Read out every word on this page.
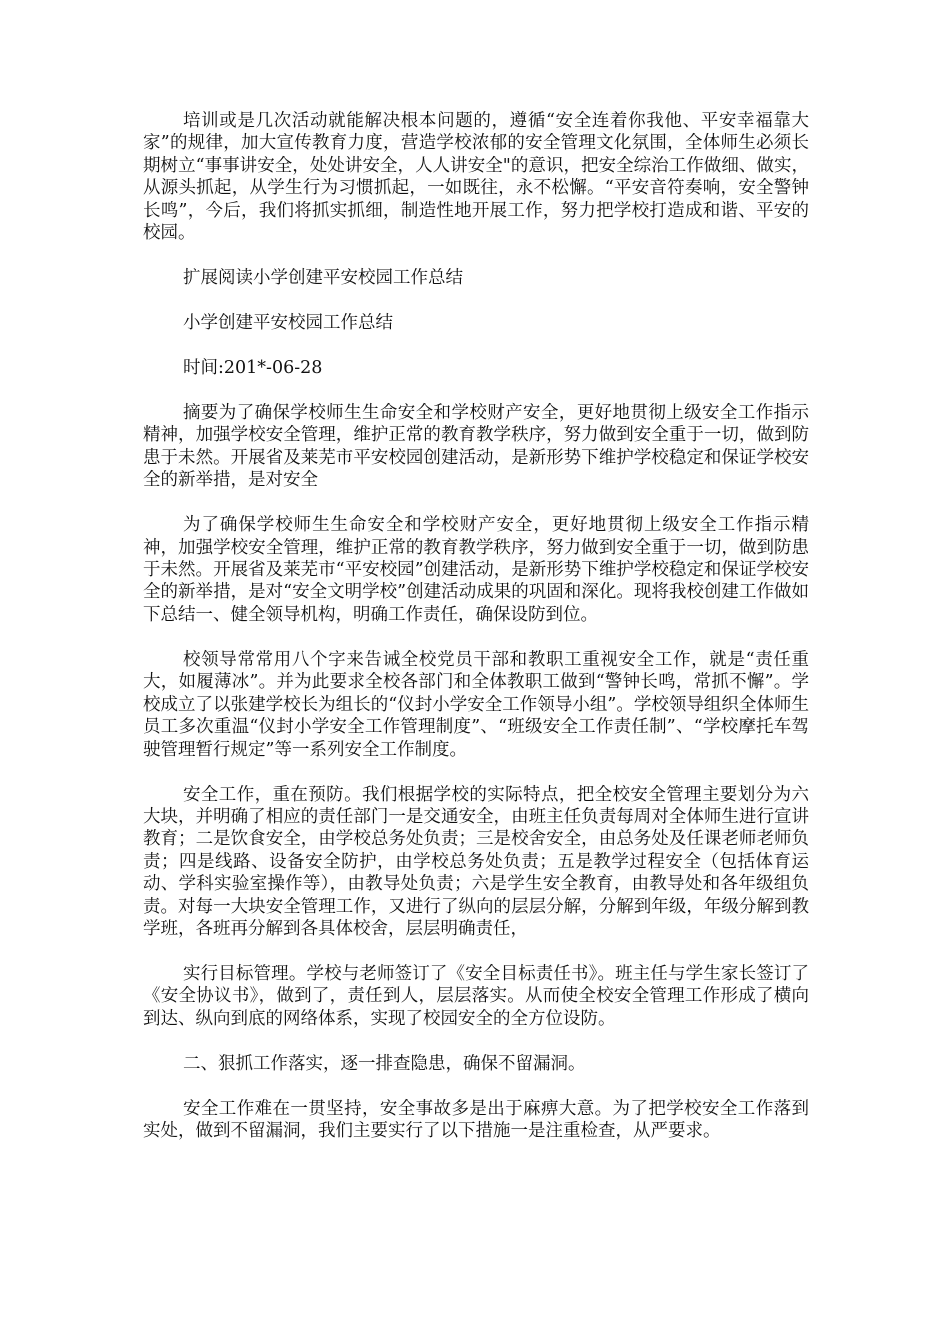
培训或是几次活动就能解决根本问题的，遵循“安全连着你我他、平安幸福靠大家”的规律，加大宣传教育力度，营造学校浓郁的安全管理文化氛围，全体师生必须长期树立“事事讲安全，处处讲安全，人人讲安全"的意识，把安全综治工作做细、做实，从源头抓起，从学生行为习惯抓起，一如既往，永不松懈。“平安音符奏响，安全警钟长鸣”，今后，我们将抓实抓细，制造性地开展工作，努力把学校打造成和谐、平安的校园。

扩展阅读小学创建平安校园工作总结

小学创建平安校园工作总结

时间:201*-06-28

摘要为了确保学校师生生命安全和学校财产安全，更好地贯彻上级安全工作指示精神，加强学校安全管理，维护正常的教育教学秩序，努力做到安全重于一切，做到防患于未然。开展省及莱芜市平安校园创建活动，是新形势下维护学校稳定和保证学校安全的新举措，是对安全

为了确保学校师生生命安全和学校财产安全，更好地贯彻上级安全工作指示精神，加强学校安全管理，维护正常的教育教学秩序，努力做到安全重于一切，做到防患于未然。开展省及莱芜市“平安校园”创建活动，是新形势下维护学校稳定和保证学校安全的新举措，是对“安全文明学校”创建活动成果的巩固和深化。现将我校创建工作做如下总结一、健全领导机构，明确工作责任，确保设防到位。

校领导常常用八个字来告诫全校党员干部和教职工重视安全工作，就是“责任重大，如履薄冰”。并为此要求全校各部门和全体教职工做到“警钟长鸣，常抓不懈”。学校成立了以张建学校长为组长的“仪封小学安全工作领导小组”。学校领导组织全体师生员工多次重温“仪封小学安全工作管理制度”、“班级安全工作责任制”、“学校摩托车驾驶管理暂行规定”等一系列安全工作制度。

安全工作，重在预防。我们根据学校的实际特点，把全校安全管理主要划分为六大块，并明确了相应的责任部门一是交通安全，由班主任负责每周对全体师生进行宣讲教育；二是饮食安全，由学校总务处负责；三是校舍安全，由总务处及任课老师老师负责；四是线路、设备安全防护，由学校总务处负责；五是教学过程安全（包括体育运动、学科实验室操作等），由教导处负责；六是学生安全教育，由教导处和各年级组负责。对每一大块安全管理工作，又进行了纵向的层层分解，分解到年级，年级分解到教学班，各班再分解到各具体校舍，层层明确责任，

实行目标管理。学校与老师签订了《安全目标责任书》。班主任与学生家长签订了《安全协议书》，做到了，责任到人，层层落实。从而使全校安全管理工作形成了横向到达、纵向到底的网络体系，实现了校园安全的全方位设防。

二、狠抓工作落实，逐一排查隐患，确保不留漏洞。

安全工作难在一贯坚持，安全事故多是出于麻痹大意。为了把学校安全工作落到实处，做到不留漏洞，我们主要实行了以下措施一是注重检查，从严要求。
